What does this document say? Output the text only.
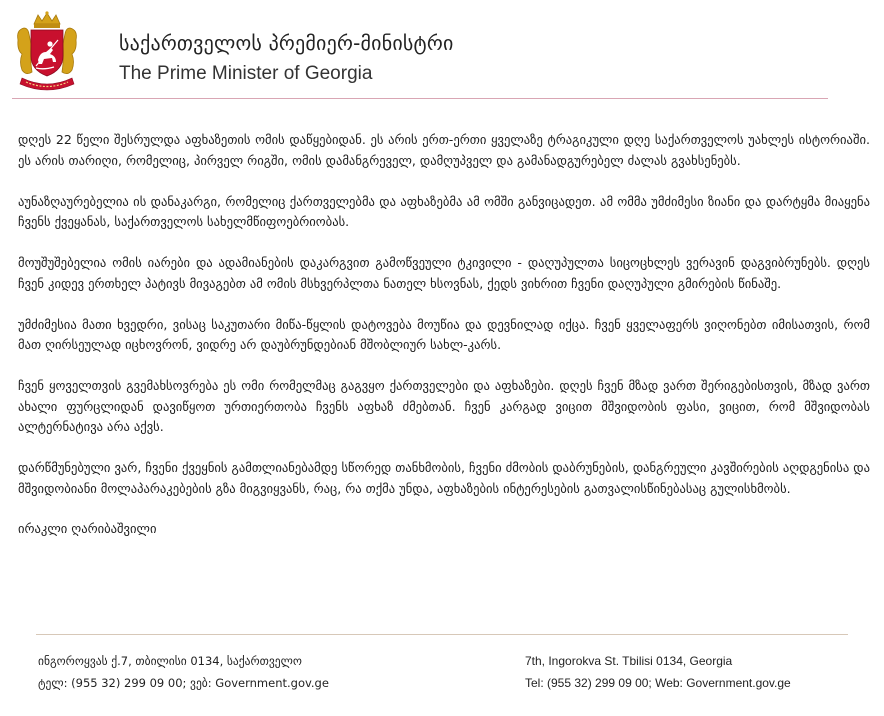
საქართველოს პრემიერ-მინისტრი
The Prime Minister of Georgia

დღეს 22 წელი შესრულდა აფხაზეთის ომის დაწყებიდან. ეს არის ერთ-ერთი ყველაზე ტრაგიკული დღე საქართველოს უახლეს ისტორიაში. ეს არის თარიღი, რომელიც, პირველ რიგში, ომის დამანგრეველ, დამღუპველ და გამანადგურებელ ძალას გვახსენებს.

აუნაზღაურებელია ის დანაკარგი, რომელიც ქართველებმა და აფხაზებმა ამ ომში განვიცადეთ. ამ ომმა უმძიმესი ზიანი და დარტყმა მიაყენა ჩვენს ქვეყანას, საქართველოს სახელმწიფოებრიობას.

მოუშუშებელია ომის იარები და ადამიანების დაკარგვით გამოწვეული ტკივილი - დაღუპულთა სიცოცხლეს ვერავინ დაგვიბრუნებს. დღეს ჩვენ კიდევ ერთხელ პატივს მივაგებთ ამ ომის მსხვერპლთა ნათელ ხსოვნას, ქედს ვიხრით ჩვენი დაღუპული გმირების წინაშე.

უმძიმესია მათი ხვედრი, ვისაც საკუთარი მიწა-წყლის დატოვება მოუწია და დევნილად იქცა. ჩვენ ყველაფერს ვიღონებთ იმისათვის, რომ მათ ღირსეულად იცხოვრონ, ვიდრე არ დაუბრუნდებიან მშობლიურ სახლ-კარს.

ჩვენ ყოველთვის გვემახსოვრება ეს ომი რომელმაც გაგვყო ქართველები და აფხაზები. დღეს ჩვენ მზად ვართ შერიგებისთვის, მზად ვართ ახალი ფურცლიდან დავიწყოთ ურთიერთობა ჩვენს აფხაზ ძმებთან. ჩვენ კარგად ვიცით მშვიდობის ფასი, ვიცით, რომ მშვიდობას ალტერნატივა არა აქვს.

დარწმუნებული ვარ, ჩვენი ქვეყნის გამთლიანებამდე სწორედ თანხმობის, ჩვენი ძმობის დაბრუნების, დანგრეული კავშირების აღდგენისა და მშვიდობიანი მოლაპარაკებების გზა მიგვიყვანს, რაც, რა თქმა უნდა, აფხაზების ინტერესების გათვალისწინებასაც გულისხმობს.

ირაკლი ღარიბაშვილი

ინგოროყვას ქ.7, თბილისი 0134, საქართველო
ტელ: (955 32) 299 09 00; ვებ: Government.gov.ge
7th, Ingorokva St. Tbilisi 0134, Georgia
Tel: (955 32) 299 09 00; Web: Government.gov.ge
